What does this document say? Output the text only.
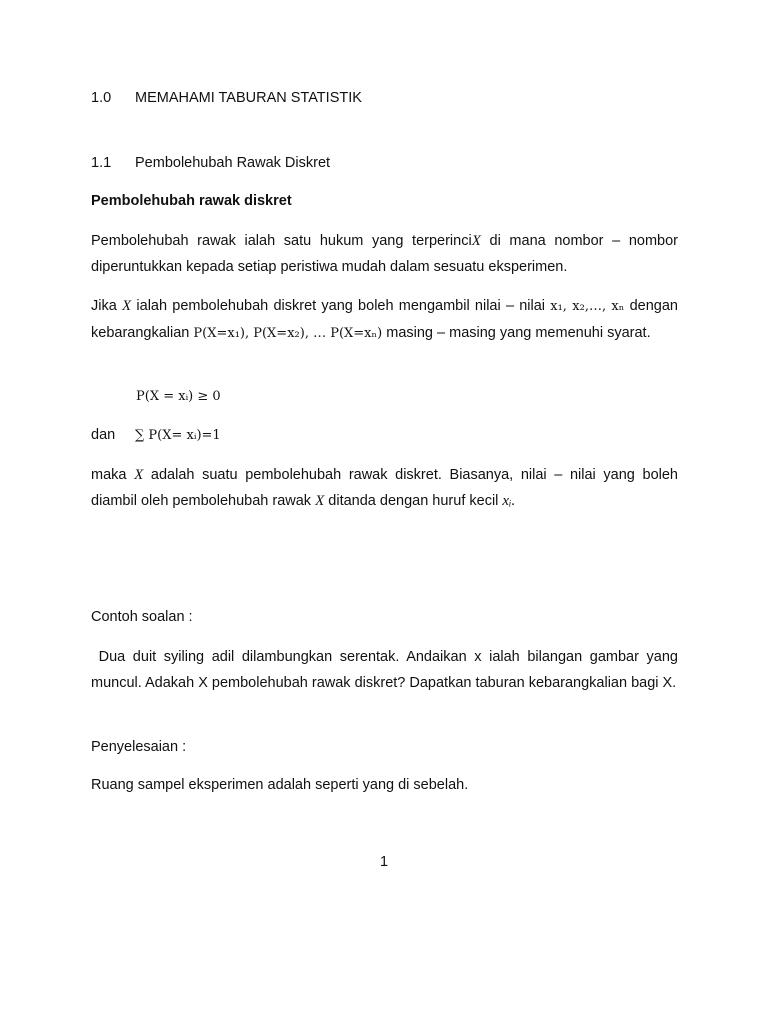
1.0 MEMAHAMI TABURAN STATISTIK
1.1 Pembolehubah Rawak Diskret
Pembolehubah rawak diskret
Pembolehubah rawak ialah satu hukum yang terperinciX di mana nombor – nombor diperuntukkan kepada setiap peristiwa mudah dalam sesuatu eksperimen.
Jika X ialah pembolehubah diskret yang boleh mengambil nilai – nilai x₁, x₂,…, xₙ dengan kebarangkalian P(X=x₁), P(X=x₂), … P(X=xₙ) masing – masing yang memenuhi syarat.
P(X = xᵢ) ≥ 0
dan ∑ P(X= xᵢ)=1
maka X adalah suatu pembolehubah rawak diskret. Biasanya, nilai – nilai yang boleh diambil oleh pembolehubah rawak X ditanda dengan huruf kecil xᵢ.
Contoh soalan :
Dua duit syiling adil dilambungkan serentak. Andaikan x ialah bilangan gambar yang muncul. Adakah X pembolehubah rawak diskret? Dapatkan taburan kebarangkalian bagi X.
Penyelesaian :
Ruang sampel eksperimen adalah seperti yang di sebelah.
1
